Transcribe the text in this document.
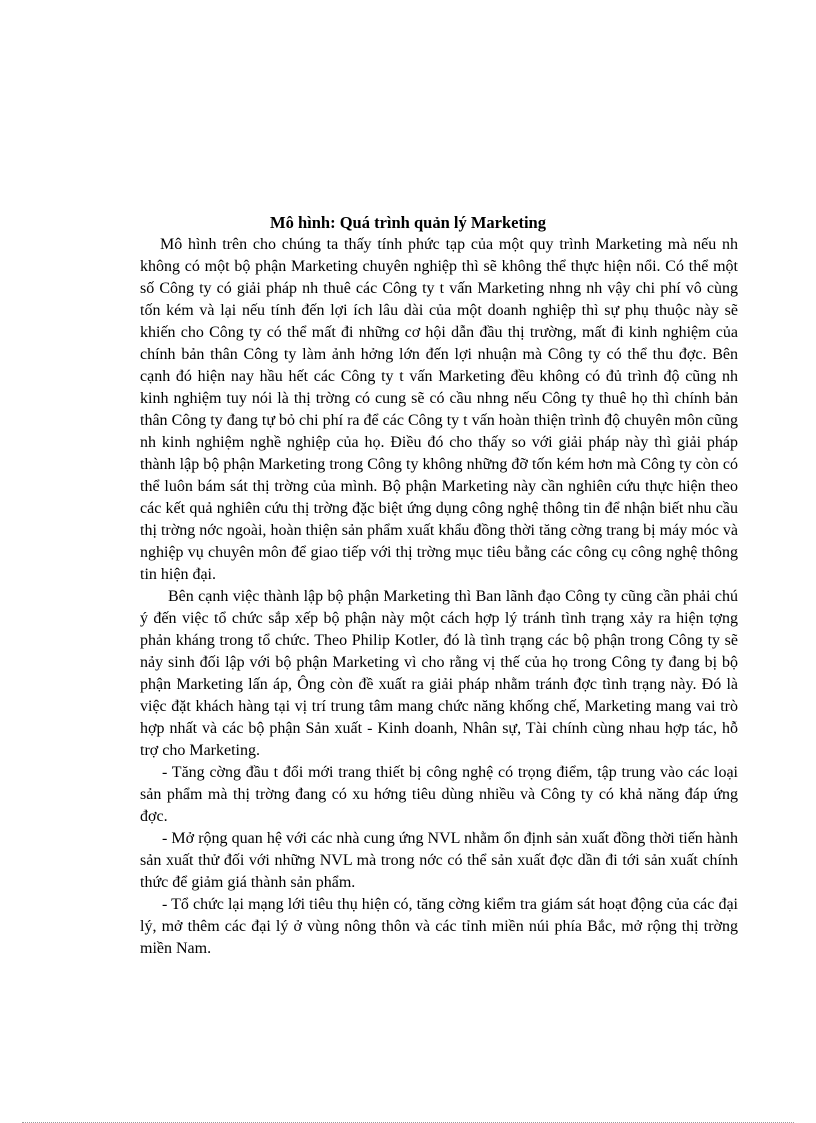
Mô hình: Quá trình quản lý Marketing

Mô hình trên cho chúng ta thấy tính phức tạp của một quy trình Marketing mà nếu nh không có một bộ phận Marketing chuyên nghiệp thì sẽ không thể thực hiện nổi. Có thể một số Công ty có giải pháp nh thuê các Công ty t vấn Marketing nhng nh vậy chi phí vô cùng tốn kém và lại nếu tính đến lợi ích lâu dài của một doanh nghiệp thì sự phụ thuộc này sẽ khiến cho Công ty có thể mất đi những cơ hội dẫn đầu thị trường, mất đi kinh nghiệm của chính bản thân Công ty làm ảnh hởng lớn đến lợi nhuận mà Công ty có thể thu đợc. Bên cạnh đó hiện nay hầu hết các Công ty t vấn Marketing đều không có đủ trình độ cũng nh kinh nghiệm tuy nói là thị trờng có cung sẽ có cầu nhng nếu Công ty thuê họ thì chính bản thân Công ty đang tự bỏ chi phí ra để các Công ty t vấn hoàn thiện trình độ chuyên môn cũng nh kinh nghiệm nghề nghiệp của họ. Điều đó cho thấy so với giải pháp này thì giải pháp thành lập bộ phận Marketing trong Công ty không những đỡ tốn kém hơn mà Công ty còn có thể luôn bám sát thị trờng của mình. Bộ phận Marketing này cần nghiên cứu thực hiện theo các kết quả nghiên cứu thị trờng đặc biệt ứng dụng công nghệ thông tin để nhận biết nhu cầu thị trờng nớc ngoài, hoàn thiện sản phẩm xuất khẩu đồng thời tăng cờng trang bị máy móc và nghiệp vụ chuyên môn để giao tiếp với thị trờng mục tiêu bằng các công cụ công nghệ thông tin hiện đại.

Bên cạnh việc thành lập bộ phận Marketing thì Ban lãnh đạo Công ty cũng cần phải chú ý đến việc tổ chức sắp xếp bộ phận này một cách hợp lý tránh tình trạng xảy ra hiện tợng phản kháng trong tổ chức. Theo Philip Kotler, đó là tình trạng các bộ phận trong Công ty sẽ nảy sinh đối lập với bộ phận Marketing vì cho rằng vị thế của họ trong Công ty đang bị bộ phận Marketing lấn áp, Ông còn đề xuất ra giải pháp nhằm tránh đợc tình trạng này. Đó là việc đặt khách hàng tại vị trí trung tâm mang chức năng khống chế, Marketing mang vai trò hợp nhất và các bộ phận Sản xuất - Kinh doanh, Nhân sự, Tài chính cùng nhau hợp tác, hỗ trợ cho Marketing.

- Tăng cờng đầu t đổi mới trang thiết bị công nghệ có trọng điểm, tập trung vào các loại sản phẩm mà thị trờng đang có xu hớng tiêu dùng nhiều và Công ty có khả năng đáp ứng đợc.

- Mở rộng quan hệ với các nhà cung ứng NVL nhằm ổn định sản xuất đồng thời tiến hành sản xuất thử đối với những NVL mà trong nớc có thể sản xuất đợc dần đi tới sản xuất chính thức để giảm giá thành sản phẩm.

- Tổ chức lại mạng lới tiêu thụ hiện có, tăng cờng kiểm tra giám sát hoạt động của các đại lý, mở thêm các đại lý ở vùng nông thôn và các tỉnh miền núi phía Bắc, mở rộng thị trờng miền Nam.
